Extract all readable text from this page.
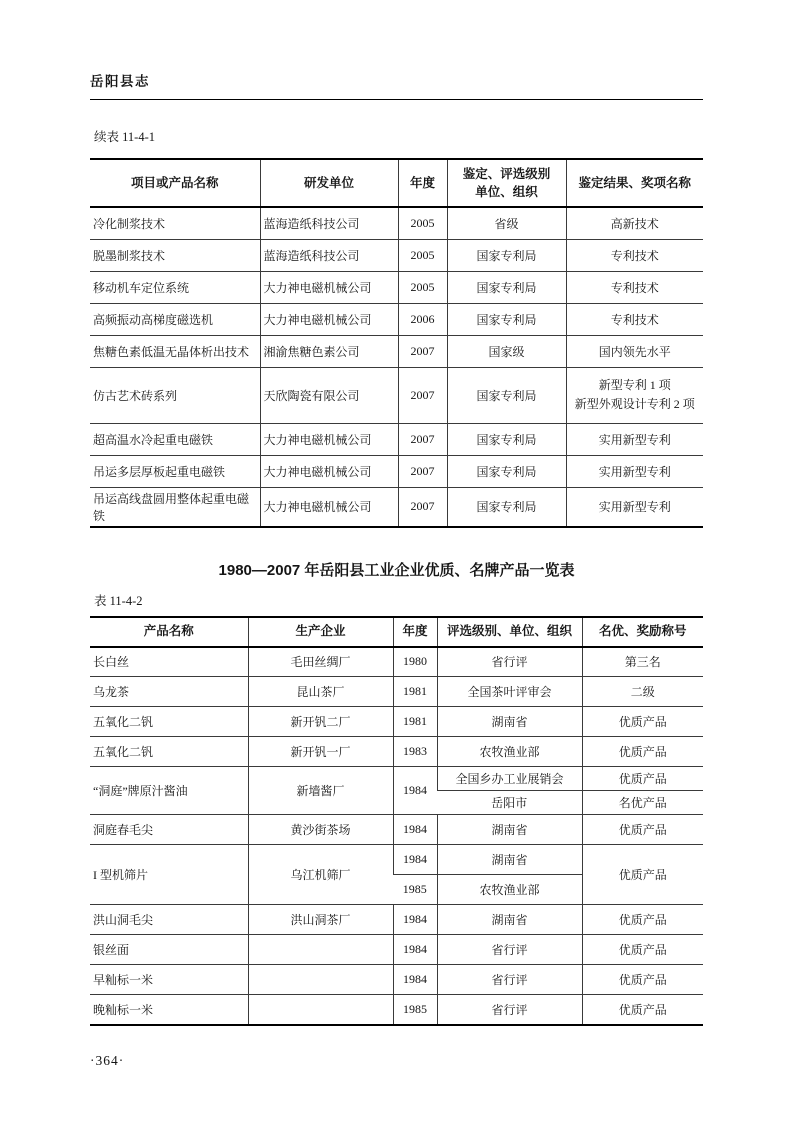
岳阳县志
续表 11-4-1
项目或产品名称	研发单位	年度	鉴定、评选级别
单位、组织	鉴定结果、奖项名称
冷化制浆技术	蓝海造纸科技公司	2005	省级	高新技术
脱墨制浆技术	蓝海造纸科技公司	2005	国家专利局	专利技术
移动机车定位系统	大力神电磁机械公司	2005	国家专利局	专利技术
高频振动高梯度磁选机	大力神电磁机械公司	2006	国家专利局	专利技术
焦糖色素低温无晶体析出技术	湘渝焦糖色素公司	2007	国家级	国内领先水平
仿古艺术砖系列	天欣陶瓷有限公司	2007	国家专利局	新型专利 1 项
新型外观设计专利 2 项

超高温水冷起重电磁铁	大力神电磁机械公司	2007	国家专利局	实用新型专利
吊运多层厚板起重电磁铁	大力神电磁机械公司	2007	国家专利局	实用新型专利
吊运高线盘圆用整体起重电磁铁	大力神电磁机械公司	2007	国家专利局	实用新型专利
1980—2007 年岳阳县工业企业优质、名牌产品一览表
表 11-4-2
产品名称	生产企业	年度	评选级别、单位、组织	名优、奖励称号
长白丝	毛田丝绸厂	1980	省行评	第三名
乌龙茶	昆山茶厂	1981	全国茶叶评审会	二级
五氧化二钒	新开钒二厂	1981	湖南省	优质产品
五氧化二钒	新开钒一厂	1983	农牧渔业部	优质产品
“洞庭”牌原汁酱油	新墙酱厂	1984	全国乡办工业展销会	优质产品
			岳阳市	名优产品
洞庭春毛尖	黄沙街茶场	1984	湖南省	优质产品
I 型机筛片	乌江机筛厂	1984	湖南省	优质产品
		1985	农牧渔业部	
洪山洞毛尖	洪山洞茶厂	1984	湖南省	优质产品
银丝面		1984	省行评	优质产品
早籼标一米		1984	省行评	优质产品
晚籼标一米		1985	省行评	优质产品
·364·
